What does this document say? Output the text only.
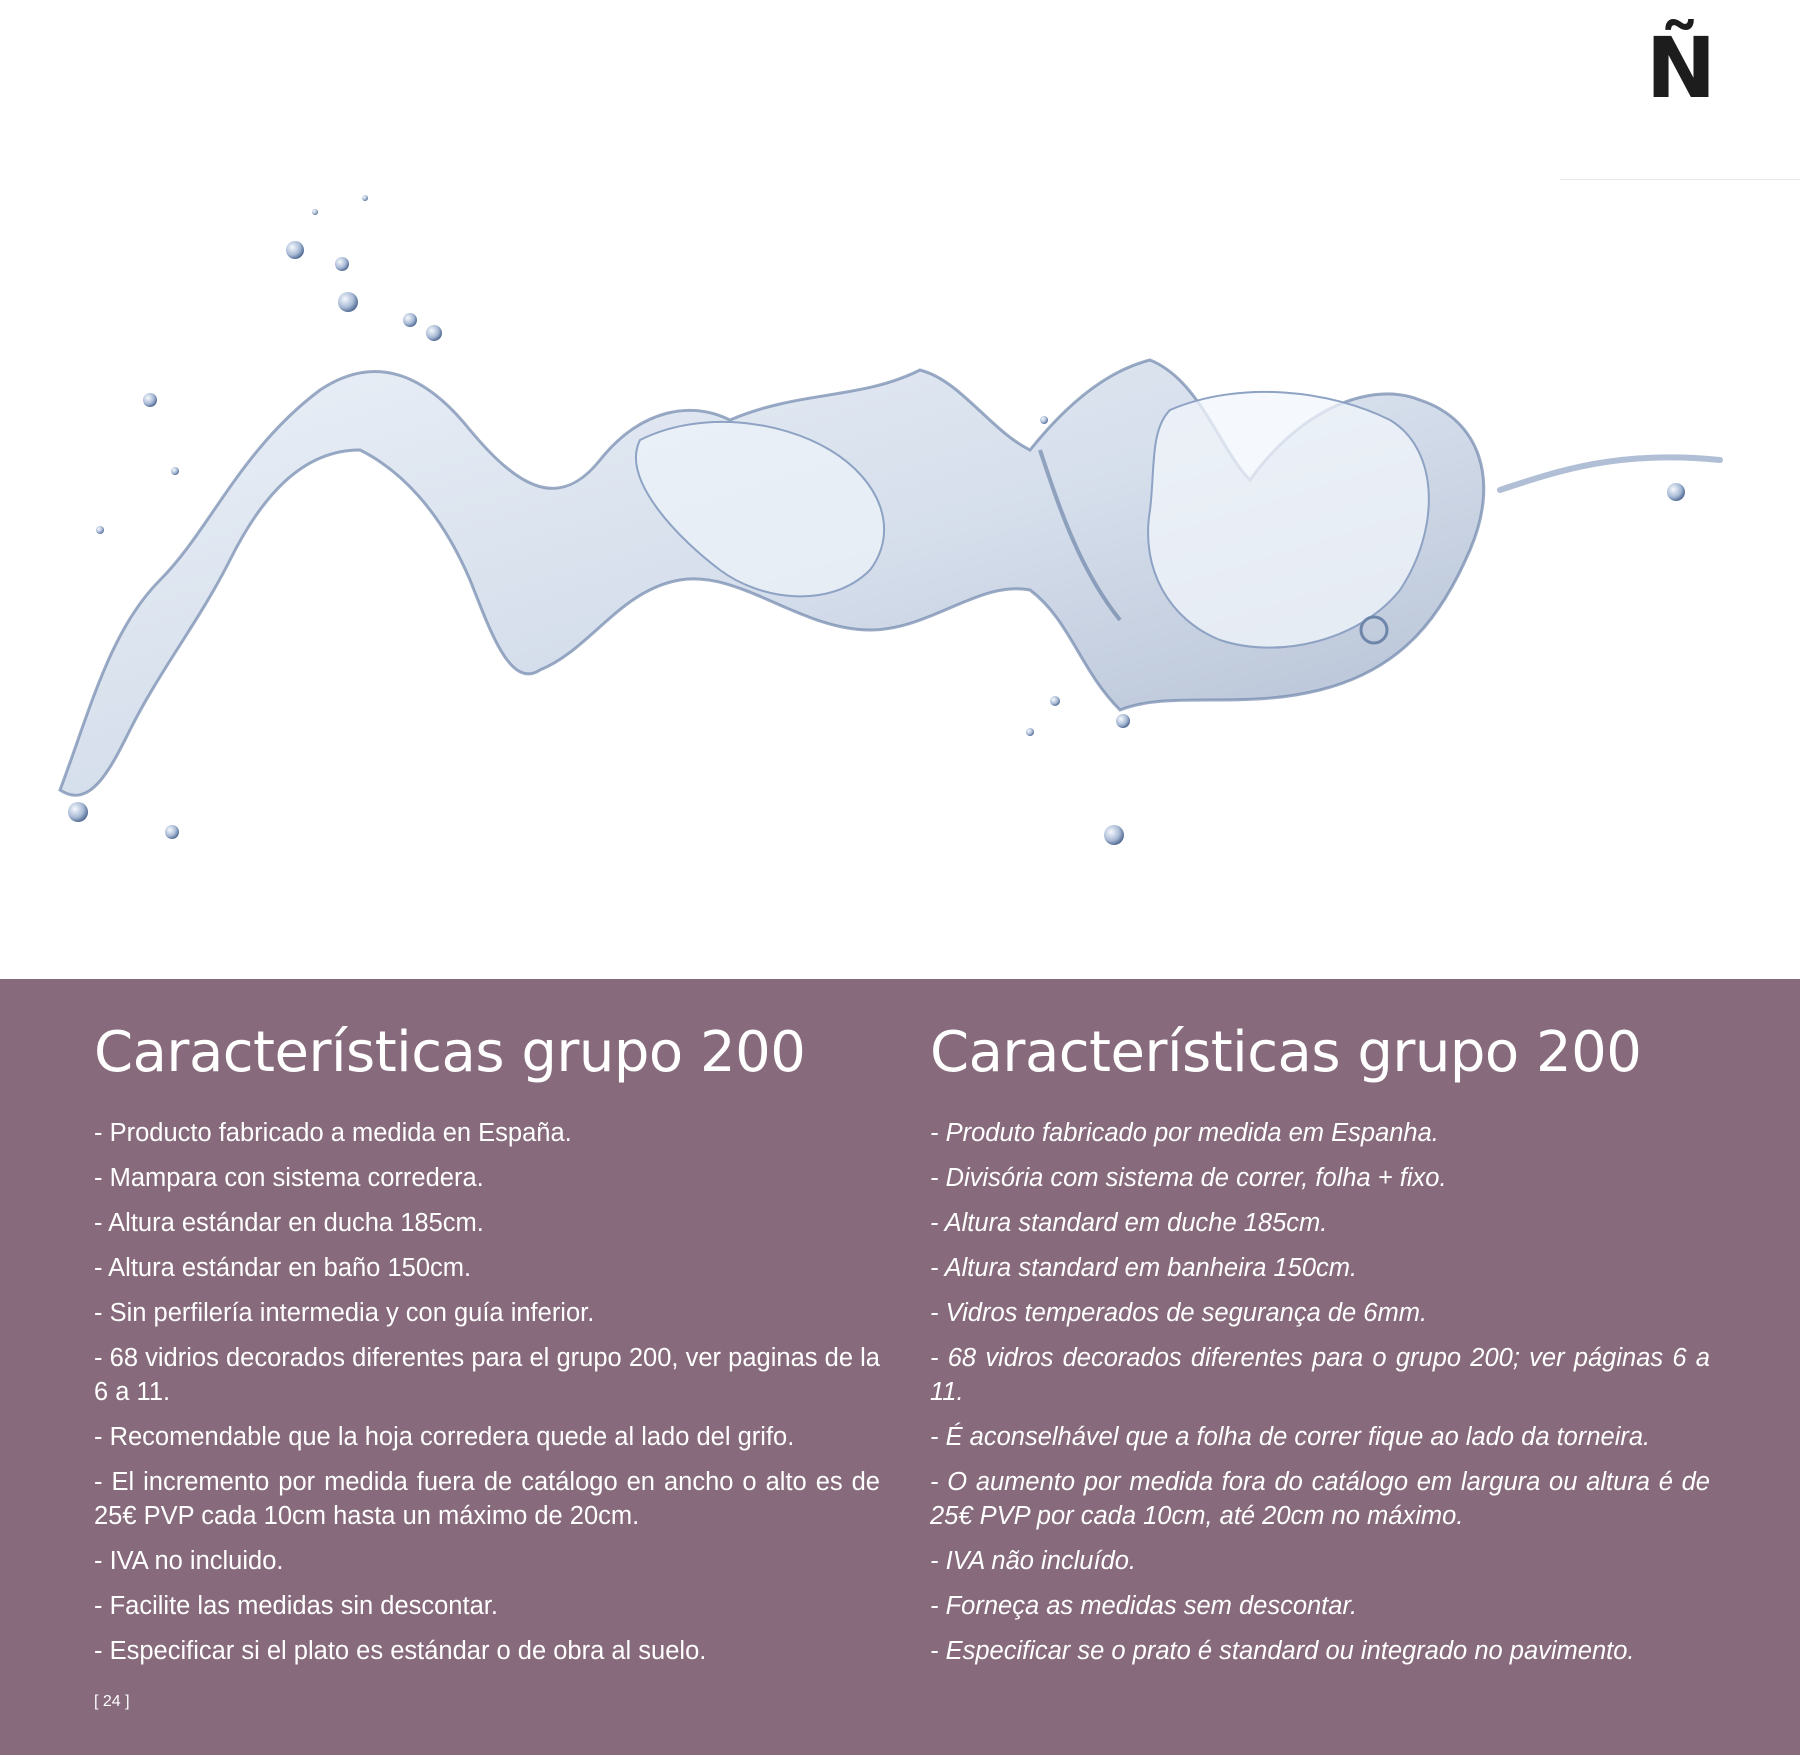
Ñ
Características grupo 200
- Producto fabricado a medida en España.
- Mampara con sistema corredera.
- Altura estándar en ducha 185cm.
- Altura estándar en baño 150cm.
- Sin perfilería intermedia y con guía inferior.
- 68 vidrios decorados diferentes para el grupo 200, ver paginas de la 6 a 11.
- Recomendable que la hoja corredera quede al lado del grifo.
- El incremento por medida fuera de catálogo en ancho o alto es de 25€ PVP cada 10cm hasta un máximo de 20cm.
- IVA no incluido.
- Facilite las medidas sin descontar.
- Especificar si el plato es estándar o de obra al suelo.
Características grupo 200
- Produto fabricado por medida em Espanha.
- Divisória com sistema de correr, folha + fixo.
- Altura standard em duche 185cm.
- Altura standard em banheira 150cm.
- Vidros temperados de segurança de 6mm.
- 68 vidros decorados diferentes para o grupo 200; ver páginas 6 a 11.
- É aconselhável que a folha de correr fique ao lado da torneira.
- O aumento por medida fora do catálogo em largura ou altura é de 25€ PVP por cada 10cm, até 20cm no máximo.
- IVA não incluído.
- Forneça as medidas sem descontar.
- Especificar se o prato é standard ou integrado no pavimento.
[ 24 ]
